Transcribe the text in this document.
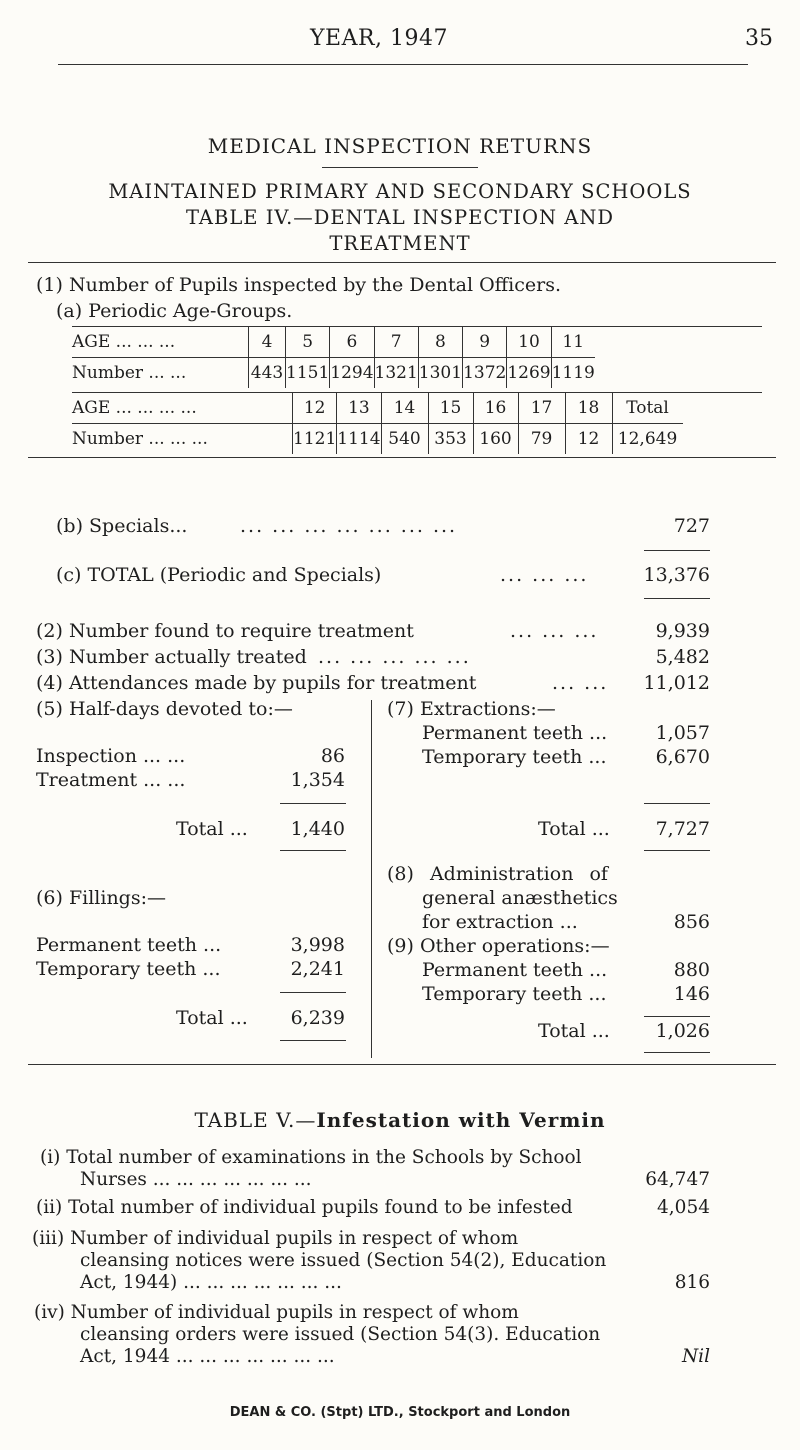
YEAR, 1947	35
MEDICAL INSPECTION RETURNS
MAINTAINED PRIMARY AND SECONDARY SCHOOLS
TABLE IV.—DENTAL INSPECTION AND
TREATMENT
(1) Number of Pupils inspected by the Dental Officers.
(a) Periodic Age-Groups.
AGE ... ... ...	4	5	6	7	8	9	10	11
Number ... ...	443	1151	1294	1321	1301	1372	1269	1119
AGE ... ... ... ...	12	13	14	15	16	17	18	Total
Number ... ... ...	1121	1114	540	353	160	79	12	12,649
(b) Specials...	... ... ... ... ... ... ...	727
(c) TOTAL (Periodic and Specials)	... ... ...	13,376
(2) Number found to require treatment	... ... ...	9,939
(3) Number actually treated ... ... ... ... ...	5,482
(4) Attendances made by pupils for treatment	... ...	11,012
(5) Half-days devoted to:—
Inspection ... ...	86
Treatment ... ...	1,354
Total ...	1,440
(6) Fillings:—
Permanent teeth ...	3,998
Temporary teeth ...	2,241
Total ...	6,239
(7) Extractions:—
Permanent teeth ...	1,057
Temporary teeth ...	6,670
Total ...	7,727
(8) Administration of
general anæsthetics
for extraction ...	856
(9) Other operations:—
Permanent teeth ...	880
Temporary teeth ...	146
Total ...	1,026
TABLE V.—Infestation with Vermin
(i) Total number of examinations in the Schools by School
Nurses ... ... ... ... ... ... ...	64,747
(ii) Total number of individual pupils found to be infested	4,054
(iii) Number of individual pupils in respect of whom
cleansing notices were issued (Section 54(2), Education
Act, 1944) ... ... ... ... ... ... ...	816
(iv) Number of individual pupils in respect of whom
cleansing orders were issued (Section 54(3). Education
Act, 1944 ... ... ... ... ... ... ...	Nil
DEAN & CO. (Stpt) LTD., Stockport and London
